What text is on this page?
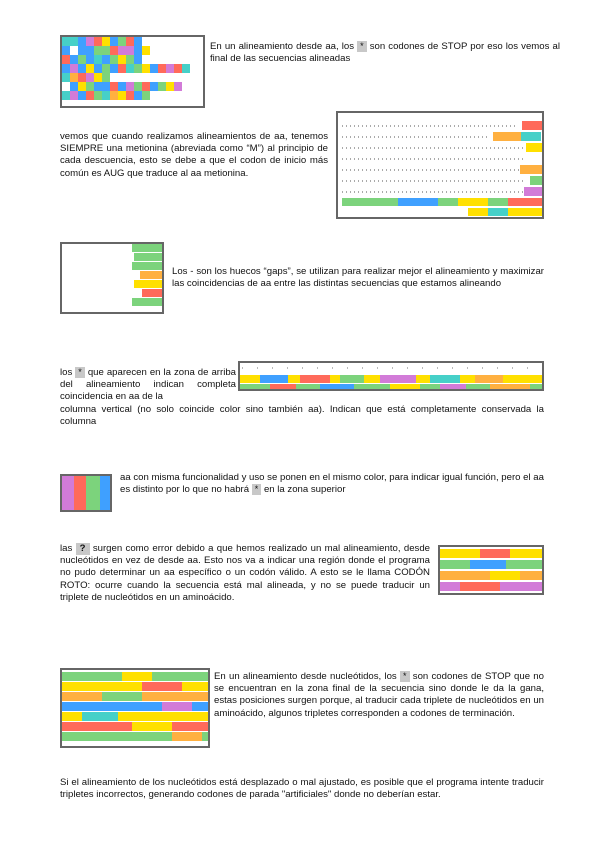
En un alineamiento desde aa, los * son codones de STOP por eso los vemos al final de las secuencias alineadas
vemos que cuando realizamos alineamientos de aa, tenemos SIEMPRE una metionina (abreviada como “M”) al principio de cada descuencia, esto se debe a que el codon de inicio más común es AUG que traduce al aa metionina.
Los - son los huecos “gaps”, se utilizan para realizar mejor el alineamiento y maximizar las coincidencias de aa entre las distintas secuencias que estamos alineando
los * que aparecen en la zona de arriba del alineamiento indican completa coincidencia en aa de la
columna vertical (no solo coincide color sino también aa). Indican que está completamente conservada la columna
aa con misma funcionalidad y uso se ponen en el mismo color, para indicar igual función, pero el aa es distinto por lo que no habrá * en la zona superior
las ? surgen como error debido a que hemos realizado un mal alineamiento, desde nucleótidos en vez de desde aa. Esto nos va a indicar una región donde el programa no pudo determinar un aa específico o un codón válido. A esto se le llama CODÓN ROTO: ocurre cuando la secuencia está mal alineada, y no se puede traducir un triplete de nucleótidos en un aminoácido.
En un alineamiento desde nucleótidos, los * son codones de STOP que no se encuentran en la zona final de la secuencia sino donde le da la gana, estas posiciones surgen porque, al traducir cada triplete de nucleótidos en un aminoácido, algunos tripletes corresponden a codones de terminación.
Si el alineamiento de los nucleótidos está desplazado o mal ajustado, es posible que el programa intente traducir tripletes incorrectos, generando codones de parada "artificiales" donde no deberían estar.
